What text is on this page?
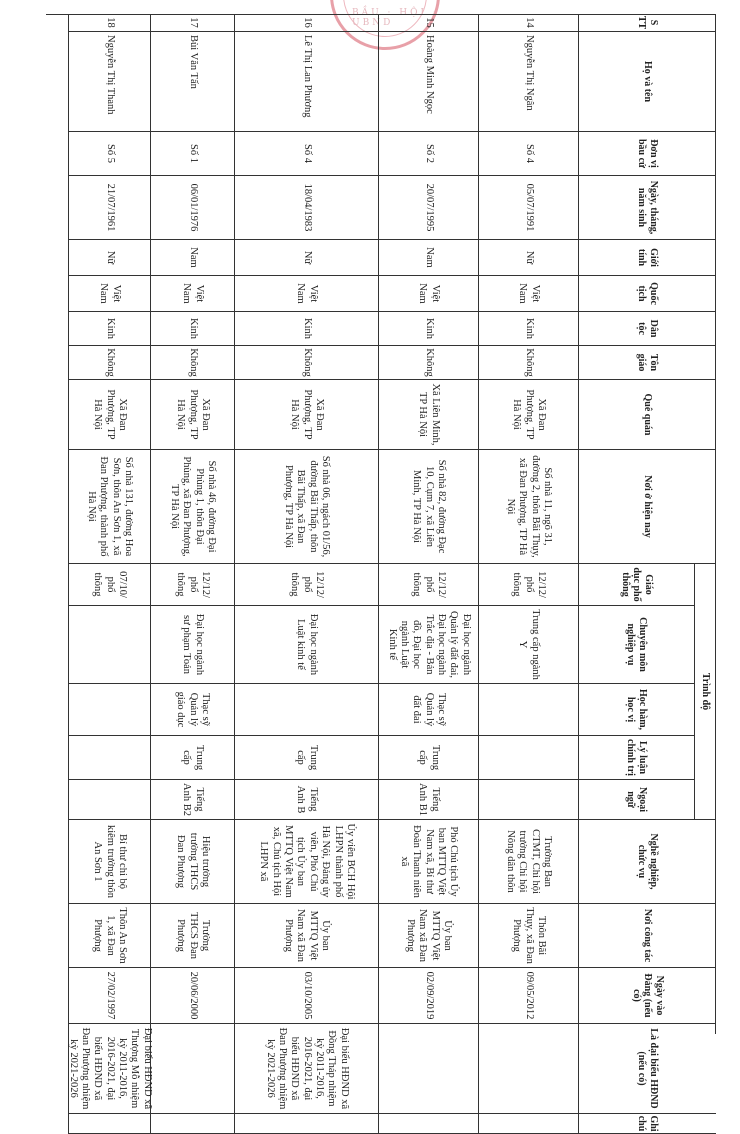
BẦU · HỘI · UBND	S TT
Họ và tên
Đơn vị bầu cử
Ngày, tháng, năm sinh
Giới tính
Quốc tịch
Dân tộc
Tôn giáo
Quê quán
Nơi ở hiện nay
Giáo dục phổ thông
Chuyên môn nghiệp vụ
Học hàm, học vị
Lý luận chính trị
Ngoại ngữ
Nghề nghiệp, chức vụ
Nơi công tác
Ngày vào Đảng (nếu có)
Là đại biểu HĐND (nếu có)
Ghi chú
Trình độ
14
Nguyễn Thị Ngân
Số 4
05/07/1991
Nữ
Việt Nam
Kinh
Không
Xã Đan Phượng, TP Hà Nội
Số nhà 11, ngõ 31, đường 2, thôn Bãi Thụy, xã Đan Phượng, TP Hà Nội
12/12/ phổ thông
Trung cấp ngành Y
Trưởng Ban CTMT, Chi hội trưởng Chi hội Nông dân thôn
Thôn Bãi Thụy, xã Đan Phượng
09/05/2012
15
Hoàng Minh Ngọc
Số 2
20/07/1995
Nam
Việt Nam
Kinh
Không
Xã Liên Minh, TP Hà Nội
Số nhà 82, đường Đạc 10, Cụm 7, xã Liên Minh, TP Hà Nội
12/12/ phổ thông
Đại học ngành Quản lý đất đai, Đại học ngành Trắc địa - Bản đồ, Đại học ngành Luật Kinh tế
Thạc sỹ Quản lý đất đai
Trung cấp
Tiếng Anh B1
Phó Chủ tịch Ủy ban MTTQ Việt Nam xã, Bí thư Đoàn Thanh niên xã
Ủy ban MTTQ Việt Nam xã Đan Phượng
02/09/2019
16
Lê Thị Lan Phương
Số 4
18/04/1983
Nữ
Việt Nam
Kinh
Không
Xã Đan Phượng, TP Hà Nội
Số nhà 06, ngách 01/56, đường Bãi Thấp, thôn Bãi Thấp, xã Đan Phượng, TP Hà Nội
12/12/ phổ thông
Đại học ngành Luật kinh tế
Trung cấp
Tiếng Anh B
Ủy viên BCH Hội LHPN thành phố Hà Nội, Đảng ủy viên, Phó Chủ tịch Ủy ban MTTQ Việt Nam xã, Chủ tịch Hội LHPN xã
Ủy ban MTTQ Việt Nam xã Đan Phượng
03/10/2005
Đại biểu HĐND xã Đồng Tháp nhiệm kỳ 2011-2016, 2016-2021, đại biểu HĐND xã Đan Phượng nhiệm kỳ 2021-2026
17
Bùi Văn Tấn
Số 1
06/01/1976
Nam
Việt Nam
Kinh
Không
Xã Đan Phượng, TP Hà Nội
Số nhà 46, đường Đại Phùng 1, thôn Đại Phùng, xã Đan Phượng, TP Hà Nội
12/12/ phổ thông
Đại học ngành sư phạm Toán
Thạc sỹ Quản lý giáo dục
Trung cấp
Tiếng Anh B2
Hiệu trưởng trường THCS Đan Phượng
Trường THCS Đan Phượng
20/06/2000
18
Nguyễn Thị Thanh
Số 5
21/07/1961
Nữ
Việt Nam
Kinh
Không
Xã Đan Phượng, TP Hà Nội
Số nhà 131, đường Hoa Sơn, thôn An Sơn 1, xã Đan Phượng, thành phố Hà Nội
07/10/ phổ thông
Bí thư chi bộ kiêm trưởng thôn An Sơn 1
Thôn An Sơn 1, xã Đan Phượng
27/02/1997
Đại biểu HĐND xã Thượng Mỗ nhiệm kỳ 2011-2016, 2016-2021, đại biểu HĐND xã Đan Phượng nhiệm kỳ 2021-2026
